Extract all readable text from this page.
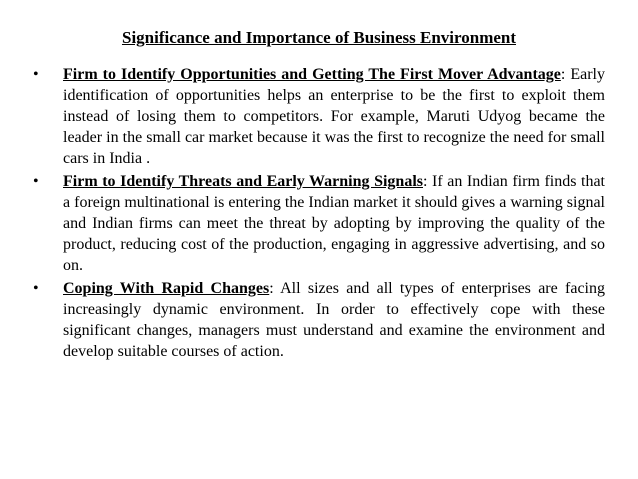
Significance and Importance of Business Environment
• Firm to Identify Opportunities and Getting The First Mover Advantage: Early identification of opportunities helps an enterprise to be the first to exploit them instead of losing them to competitors. For example, Maruti Udyog became the leader in the small car market because it was the first to recognize the need for small cars in India .
• Firm to Identify Threats and Early Warning Signals: If an Indian firm finds that a foreign multinational is entering the Indian market it should gives a warning signal and Indian firms can meet the threat by adopting by improving the quality of the product, reducing cost of the production, engaging in aggressive advertising, and so on.
• Coping With Rapid Changes: All sizes and all types of enterprises are facing increasingly dynamic environment. In order to effectively cope with these significant changes, managers must understand and examine the environment and develop suitable courses of action.
